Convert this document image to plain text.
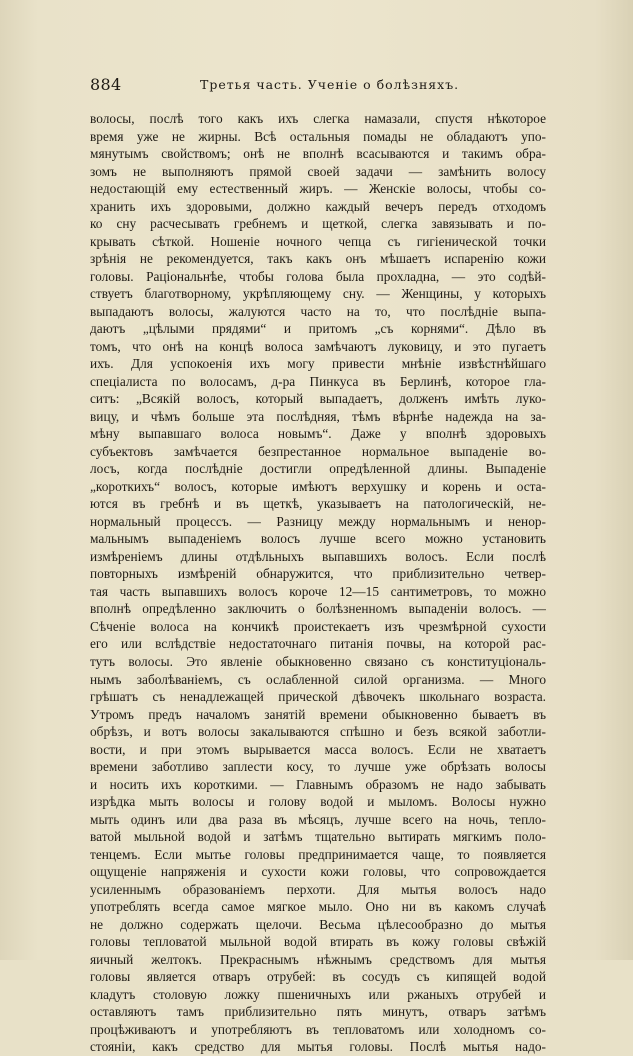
884	Третья часть. Ученіе о болѣзняхъ.
волосы, послѣ того какъ ихъ слегка намазали, спустя нѣкоторое
время уже не жирны. Всѣ остальныя помады не обладаютъ упо-
мянутымъ свойствомъ; онѣ не вполнѣ всасываются и такимъ обра-
зомъ не выполняютъ прямой своей задачи — замѣнить волосу
недостающій ему естественный жиръ. — Женскіе волосы, чтобы со-
хранить ихъ здоровыми, должно каждый вечеръ передъ отходомъ
ко сну расчесывать гребнемъ и щеткой, слегка завязывать и по-
крывать сѣткой. Ношеніе ночного чепца съ гигіенической точки
зрѣнія не рекомендуется, такъ какъ онъ мѣшаетъ испаренію кожи
головы. Раціональнѣе, чтобы голова была прохладна, — это содѣй-
ствуетъ благотворному, укрѣпляющему сну. — Женщины, у которыхъ
выпадаютъ волосы, жалуются часто на то, что послѣдніе выпа-
даютъ „цѣлыми прядями“ и притомъ „съ корнями“. Дѣло въ
томъ, что онѣ на концѣ волоса замѣчаютъ луковицу, и это пугаетъ
ихъ. Для успокоенія ихъ могу привести мнѣніе извѣстнѣйшаго
спеціалиста по волосамъ, д-ра Пинкуса въ Берлинѣ, которое гла-
ситъ: „Всякій волосъ, который выпадаетъ, долженъ имѣть луко-
вицу, и чѣмъ больше эта послѣдняя, тѣмъ вѣрнѣе надежда на за-
мѣну выпавшаго волоса новымъ“. Даже у вполнѣ здоровыхъ
субъектовъ замѣчается безпрестанное нормальное выпаденіе во-
лосъ, когда послѣдніе достигли опредѣленной длины. Выпаденіе
„короткихъ“ волосъ, которые имѣютъ верхушку и корень и оста-
ются въ гребнѣ и въ щеткѣ, указываетъ на патологическій, не-
нормальный процессъ. — Разницу между нормальнымъ и ненор-
мальнымъ выпаденіемъ волосъ лучше всего можно установить
измѣреніемъ длины отдѣльныхъ выпавшихъ волосъ. Если послѣ
повторныхъ измѣреній обнаружится, что приблизительно четвер-
тая часть выпавшихъ волосъ короче 12—15 сантиметровъ, то можно
вполнѣ опредѣленно заключить о болѣзненномъ выпаденіи волосъ. —
Сѣченіе волоса на кончикѣ проистекаетъ изъ чрезмѣрной сухости
его или вслѣдствіе недостаточнаго питанія почвы, на которой рас-
тутъ волосы. Это явленіе обыкновенно связано съ конституціональ-
нымъ заболѣваніемъ, съ ослабленной силой организма. — Много
грѣшатъ съ ненадлежащей прической дѣвочекъ школьнаго возраста.
Утромъ предъ началомъ занятій времени обыкновенно бываетъ въ
обрѣзъ, и вотъ волосы закалываются спѣшно и безъ всякой заботли-
вости, и при этомъ вырывается масса волосъ. Если не хватаетъ
времени заботливо заплести косу, то лучше уже обрѣзать волосы
и носить ихъ короткими. — Главнымъ образомъ не надо забывать
изрѣдка мыть волосы и голову водой и мыломъ. Волосы нужно
мыть одинъ или два раза въ мѣсяцъ, лучше всего на ночь, тепло-
ватой мыльной водой и затѣмъ тщательно вытирать мягкимъ поло-
тенцемъ. Если мытье головы предпринимается чаще, то появляется
ощущеніе напряженія и сухости кожи головы, что сопровождается
усиленнымъ образованіемъ перхоти. Для мытья волосъ надо
употреблять всегда самое мягкое мыло. Оно ни въ какомъ случаѣ
не должно содержать щелочи. Весьма цѣлесообразно до мытья
головы тепловатой мыльной водой втирать въ кожу головы свѣжій
яичный желтокъ. Прекраснымъ нѣжнымъ средствомъ для мытья
головы является отваръ отрубей: въ сосудъ съ кипящей водой
кладутъ столовую ложку пшеничныхъ или ржаныхъ отрубей и
оставляютъ тамъ приблизительно пять минутъ, отваръ затѣмъ
процѣживаютъ и употребляютъ въ тепловатомъ или холодномъ со-
стояніи, какъ средство для мытья головы. Послѣ мытья надо-
